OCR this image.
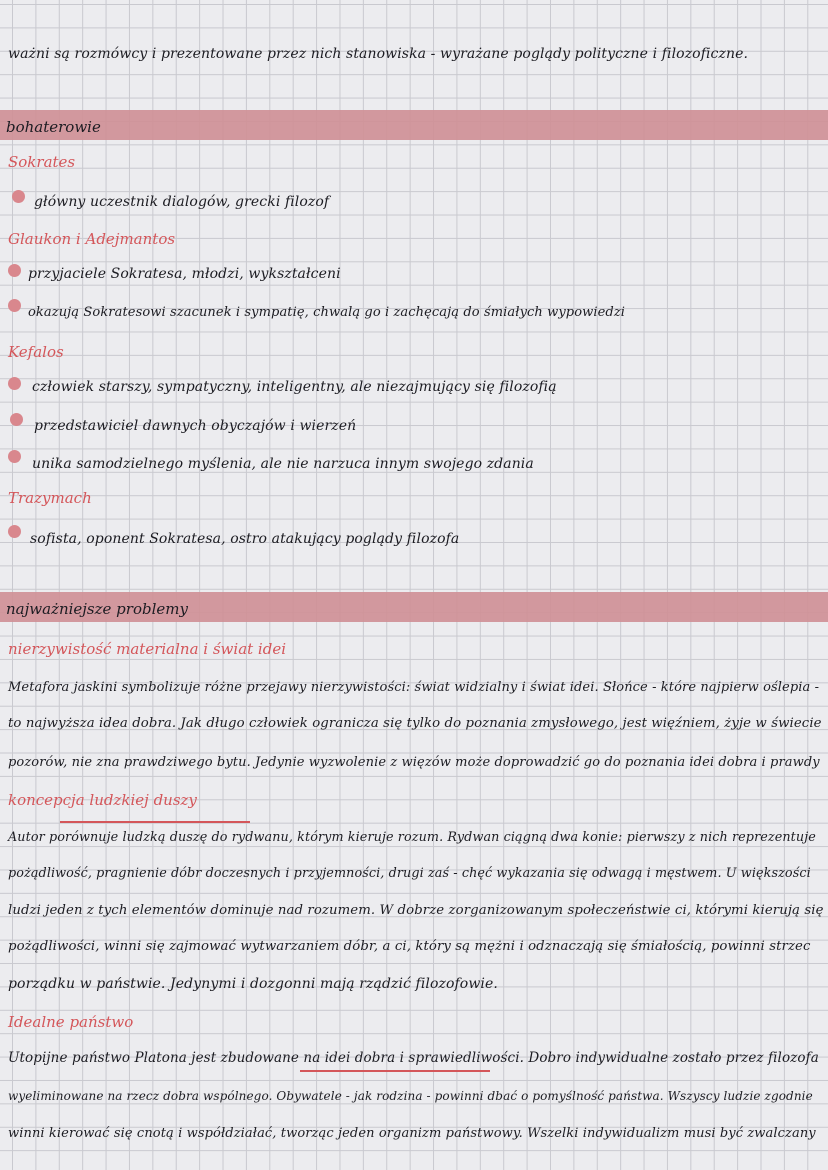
ważni są rozmówcy i prezentowane przez nich stanowiska - wyrażane poglądy polityczne i filozoficzne.
bohaterowie
Sokrates
główny uczestnik dialogów, grecki filozof
Glaukon i Adejmantos
przyjaciele Sokratesa, młodzi, wykształceni
okazują Sokratesowi szacunek i sympatię, chwalą go i zachęcają do śmiałych wypowiedzi
Kefalos
człowiek starszy, sympatyczny, inteligentny, ale niezajmujący się filozofią
przedstawiciel dawnych obyczajów i wierzeń
unika samodzielnego myślenia, ale nie narzuca innym swojego zdania
Trazymach
sofista, oponent Sokratesa, ostro atakujący poglądy filozofa
najważniejsze problemy
nierzywistość materialna i świat idei
Metafora jaskini symbolizuje różne przejawy nierzywistości: świat widzialny i świat idei. Słońce - które najpierw oślepia -
to najwyższa idea dobra. Jak długo człowiek ogranicza się tylko do poznania zmysłowego, jest więźniem, żyje w świecie
pozorów, nie zna prawdziwego bytu. Jedynie wyzwolenie z więzów może doprowadzić go do poznania idei dobra i prawdy
koncepcja ludzkiej duszy
Autor porównuje ludzką duszę do rydwanu, którym kieruje rozum. Rydwan ciągną dwa konie: pierwszy z nich reprezentuje
pożądliwość, pragnienie dóbr doczesnych i przyjemności, drugi zaś - chęć wykazania się odwagą i męstwem. U większości
ludzi jeden z tych elementów dominuje nad rozumem. W dobrze zorganizowanym społeczeństwie ci, którymi kierują się
pożądliwości, winni się zajmować wytwarzaniem dóbr, a ci, który są mężni i odznaczają się śmiałością, powinni strzec
porządku w państwie. Jedynymi i dozgonni mają rządzić filozofowie.
Idealne państwo
Utopijne państwo Platona jest zbudowane na idei dobra i sprawiedliwości. Dobro indywidualne zostało przez filozofa
wyeliminowane na rzecz dobra wspólnego. Obywatele - jak rodzina - powinni dbać o pomyślność państwa. Wszyscy ludzie zgodnie
winni kierować się cnotą i współdziałać, tworząc jeden organizm państwowy. Wszelki indywidualizm musi być zwalczany
